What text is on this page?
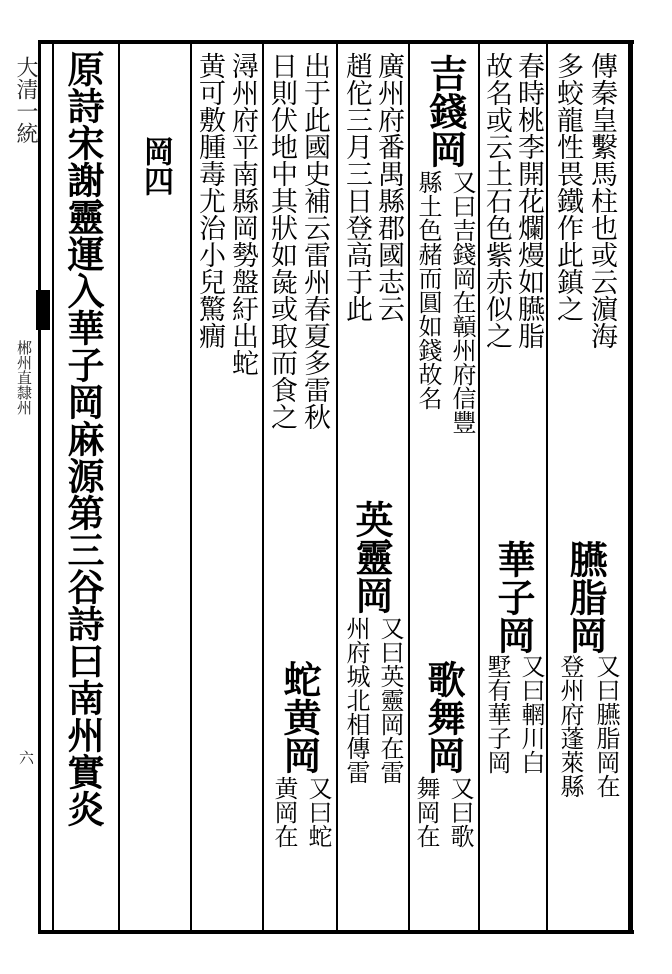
大清一統
郴州直隸州
六
傳秦皇繫馬柱也或云濵海
多蛟龍性畏鐵作此鎮之
臙脂岡
又曰臙脂岡在
登州府蓬萊縣
春時桃李開花爛熳如臙脂
故名或云土石色紫赤似之
華子岡
又曰輞川白
墅有華子岡
吉錢岡
又曰吉錢岡在贑州府信豐
縣土色赭而圓如錢故名
歌舞岡
又曰歌
舞岡在
廣州府番禺縣郡國志云
趙佗三月三日登高于此
英靈岡
又曰英靈岡在雷
州府城北相傳雷
出于此國史補云雷州春夏多雷秋
日則伏地中其狀如彘或取而食之
蛇黄岡
又曰蛇
黄岡在
潯州府平南縣岡勢盤紆出蛇
黄可敷腫毒尤治小兒驚癇
岡四
原詩宋謝靈運入華子岡麻源第三谷詩曰南州實炎
